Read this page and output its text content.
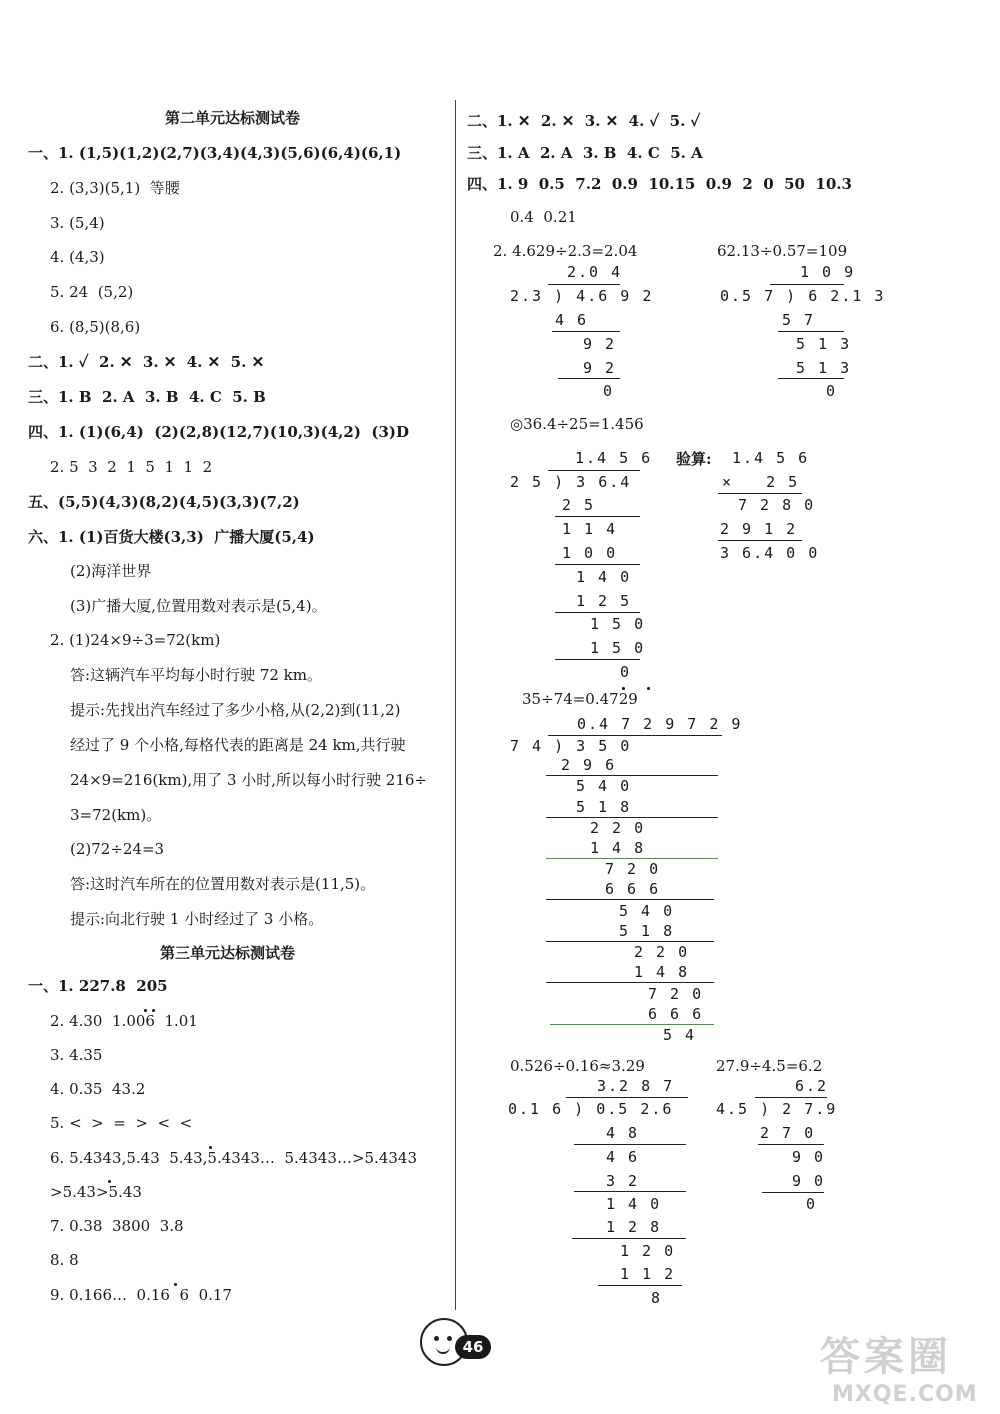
第二单元达标测试卷
一、1. (1,5)(1,2)(2,7)(3,4)(4,3)(5,6)(6,4)(6,1)
2. (3,3)(5,1)  等腰
3. (5,4)
4. (4,3)
5. 24  (5,2)
6. (8,5)(8,6)
二、1. ✓  2. ✕  3. ✕  4. ✕  5. ✕
三、1. B  2. A  3. B  4. C  5. B
四、1. (1)(6,4)  (2)(2,8)(12,7)(10,3)(4,2)  (3)D
2. 5  3  2  1  5  1  1  2
五、(5,5)(4,3)(8,2)(4,5)(3,3)(7,2)
六、1. (1)百货大楼(3,3)  广播大厦(5,4)
(2)海洋世界
(3)广播大厦,位置用数对表示是(5,4)。
2. (1)24×9÷3=72(km)
答:这辆汽车平均每小时行驶 72 km。
提示:先找出汽车经过了多少小格,从(2,2)到(11,2)
经过了 9 个小格,每格代表的距离是 24 km,共行驶
24×9=216(km),用了 3 小时,所以每小时行驶 216÷
3=72(km)。
(2)72÷24=3
答:这时汽车所在的位置用数对表示是(11,5)。
提示:向北行驶 1 小时经过了 3 小格。
第三单元达标测试卷
一、1. 227.8  205
2. 4.30  1.006  1.01
3. 4.35
4. 0.35  43.2
5. <  >  =  >  <  <
6. 5.4343,5.43  5.43,5.4343…  5.4343…>5.4343
>5.43>5.43
7. 0.38  3800  3.8
8. 8
9. 0.166…  0.16  6  0.17
二、1. ✕  2. ✕  3. ✕  4. ✓  5. ✓
三、1. A  2. A  3. B  4. C  5. A
四、1. 9  0.5  7.2  0.9  10.15  0.9  2  0  50  10.3
0.4  0.21
2. 4.629÷2.3=2.04
2.0 4
2.3 ) 4.6 9 2
4 6
9 2
9 2
0
62.13÷0.57=109
1 0 9
0.5 7 ) 6 2.1 3
5 7
5 1 3
5 1 3
0
◎36.4÷25=1.456
1.4 5 6
2 5 ) 3 6.4
2 5
1 1 4
1 0 0
1 4 0
1 2 5
1 5 0
1 5 0
0
验算: 1.4 5 6
×   2 5
7 2 8 0
2 9 1 2
3 6.4 0 0
35÷74=0.4729
0.4 7 2 9 7 2 9
7 4 ) 3 5 0
2 9 6
5 4 0
5 1 8
2 2 0
1 4 8
7 2 0
6 6 6
5 4 0
5 1 8
2 2 0
1 4 8
7 2 0
6 6 6
5 4
0.526÷0.16≈3.29
3.2 8 7
0.1 6 ) 0.5 2.6
4 8
4 6
3 2
1 4 0
1 2 8
1 2 0
1 1 2
8
27.9÷4.5=6.2
6.2
4.5 ) 2 7.9
2 7 0
9 0
9 0
0
46	答案圈
MXQE.COM
